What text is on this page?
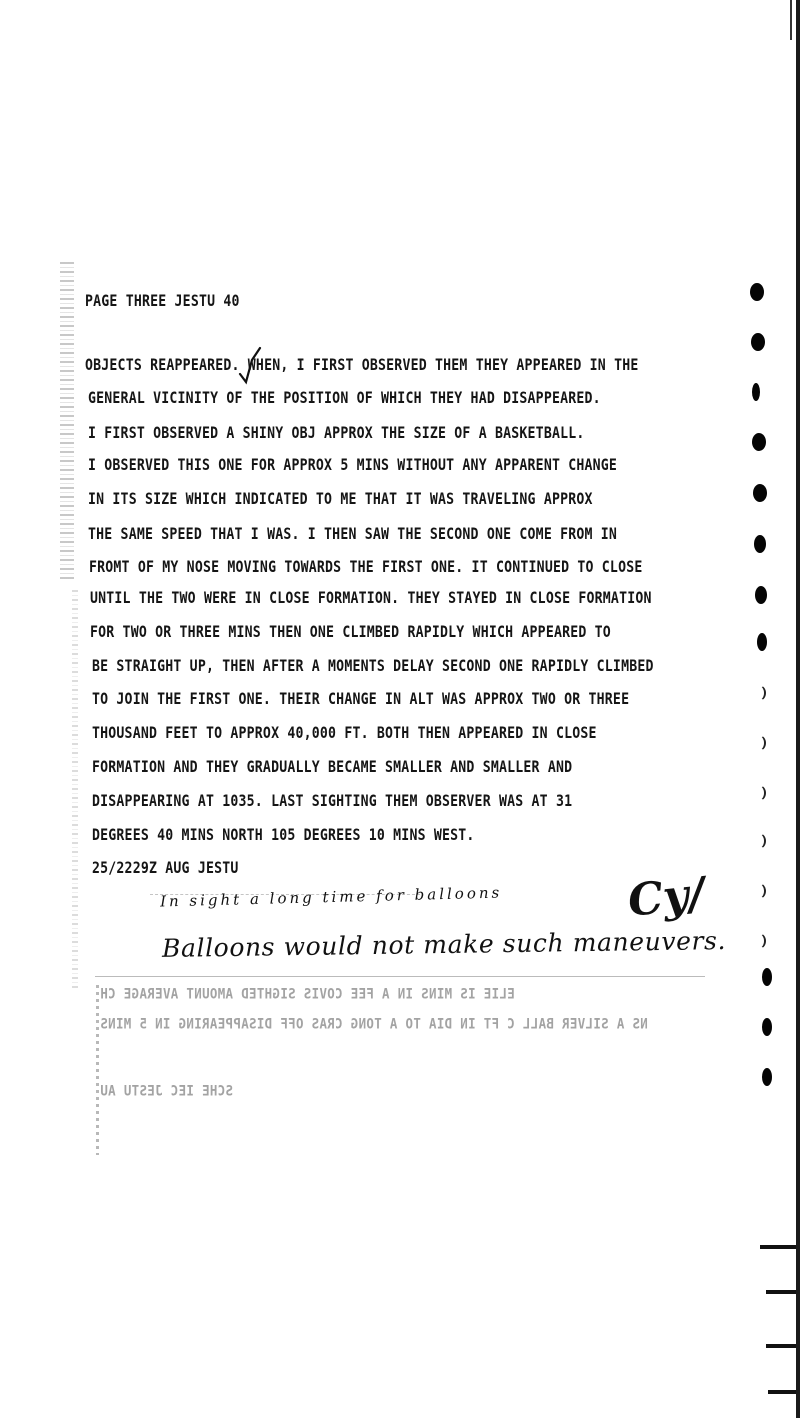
PAGE THREE JESTU 40
OBJECTS REAPPEARED. WHEN, I FIRST OBSERVED THEM THEY APPEARED IN THE
GENERAL VICINITY OF THE POSITION OF WHICH THEY HAD DISAPPEARED.
I FIRST OBSERVED A SHINY OBJ APPROX THE SIZE OF A BASKETBALL.
I OBSERVED THIS ONE FOR APPROX 5 MINS WITHOUT ANY APPARENT CHANGE
IN ITS SIZE WHICH INDICATED TO ME THAT IT WAS TRAVELING APPROX
THE SAME SPEED THAT I WAS. I THEN SAW THE SECOND ONE COME FROM IN
FROMT OF MY NOSE MOVING TOWARDS THE FIRST ONE. IT CONTINUED TO CLOSE
UNTIL THE TWO WERE IN CLOSE FORMATION. THEY STAYED IN CLOSE FORMATION
FOR TWO OR THREE MINS THEN ONE CLIMBED RAPIDLY WHICH APPEARED TO
BE STRAIGHT UP, THEN AFTER A MOMENTS DELAY SECOND ONE RAPIDLY CLIMBED
TO JOIN THE FIRST ONE. THEIR CHANGE IN ALT WAS APPROX TWO OR THREE
THOUSAND FEET TO APPROX 40,000 FT. BOTH THEN APPEARED IN CLOSE
FORMATION AND THEY GRADUALLY BECAME SMALLER AND SMALLER AND
DISAPPEARING AT 1035. LAST SIGHTING THEM OBSERVER WAS AT 31
DEGREES 40 MINS NORTH 105 DEGREES 10 MINS WEST.
25/2229Z AUG JESTU
In sight a long time for balloons
Balloons would not make such maneuvers.
Cy/
ELIE IS MINS IN A FEE COVIS SIGHTED AMOUNT AVERAGE CH
NS A SILVER BALL C FT IN DIA TO A TONG CRAS OFF DISAPPEARING IN 5 MINS
SCHE IEC JESTU AU
